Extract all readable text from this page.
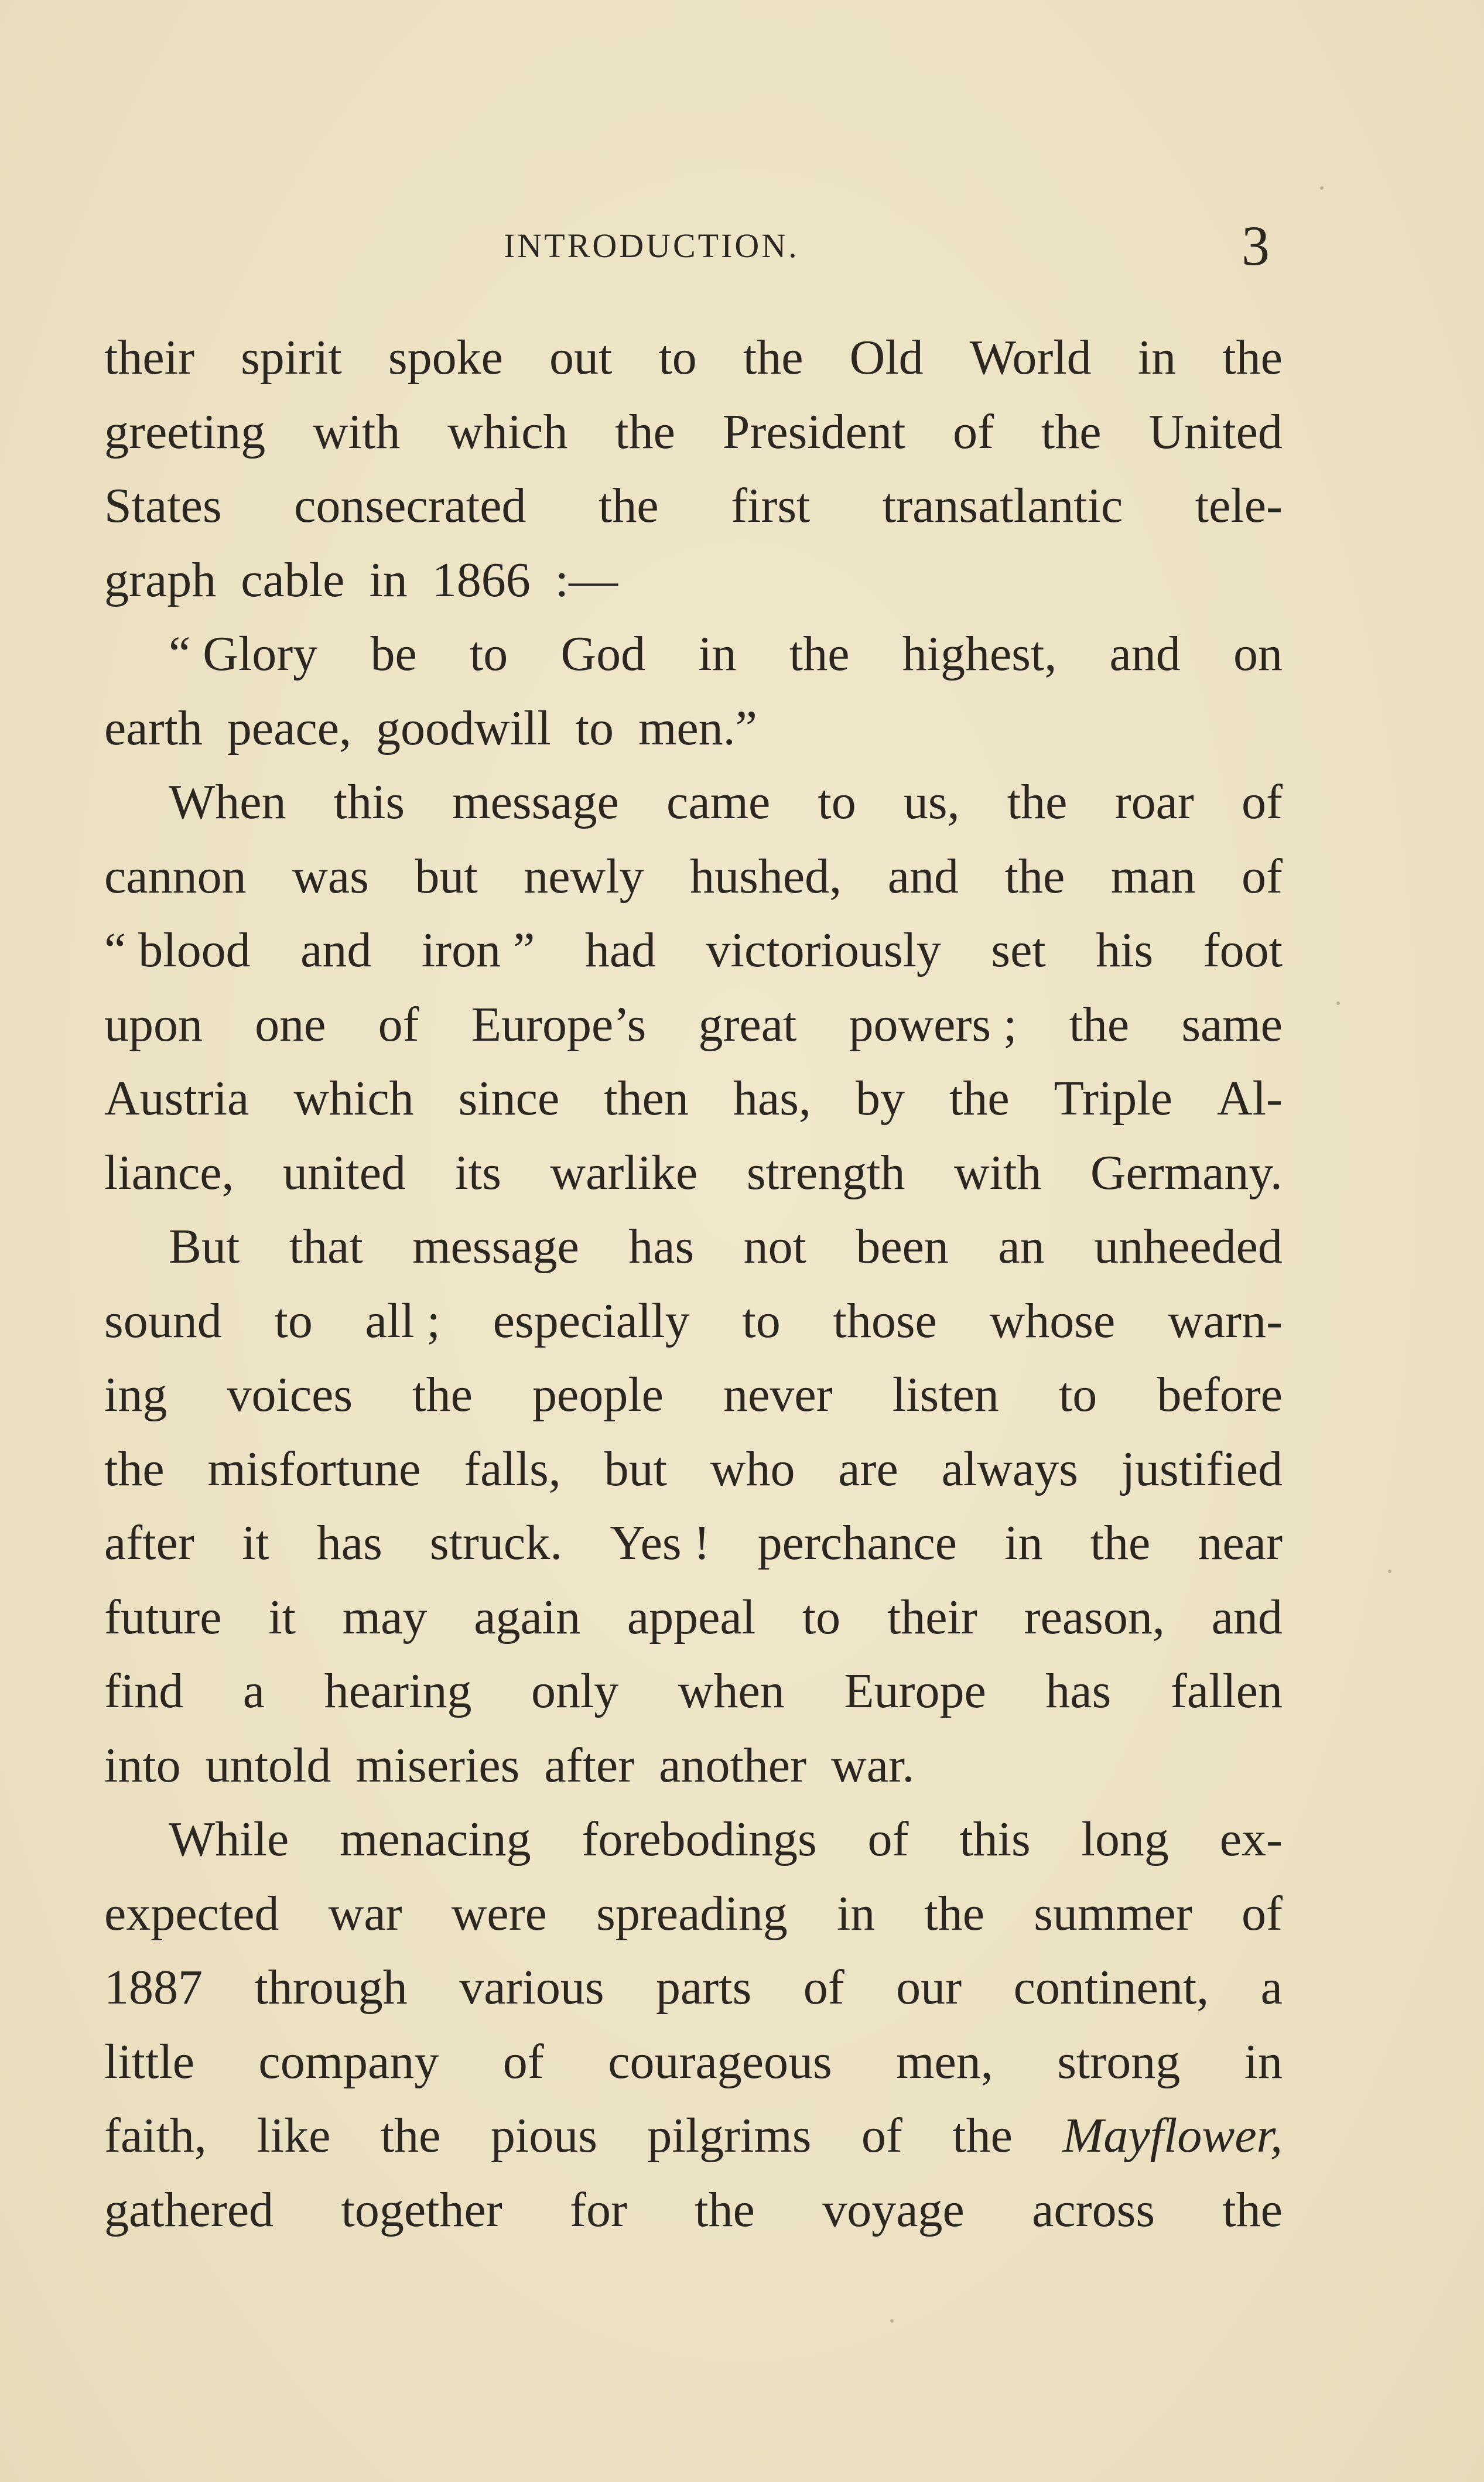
INTRODUCTION.	3
their spirit spoke out to the Old World in the
greeting with which the President of the United
States consecrated the first transatlantic tele-
graph cable in 1866 :—
“ Glory be to God in the highest, and on
earth peace, goodwill to men.”
When this message came to us, the roar of
cannon was but newly hushed, and the man of
“ blood and iron ” had victoriously set his foot
upon one of Europe’s great powers ; the same
Austria which since then has, by the Triple Al-
liance, united its warlike strength with Germany.
But that message has not been an unheeded
sound to all ; especially to those whose warn-
ing voices the people never listen to before
the misfortune falls, but who are always justified
after it has struck. Yes ! perchance in the near
future it may again appeal to their reason, and
find a hearing only when Europe has fallen
into untold miseries after another war.
While menacing forebodings of this long ex-
expected war were spreading in the summer of
1887 through various parts of our continent, a
little company of courageous men, strong in
faith, like the pious pilgrims of the Mayflower,
gathered together for the voyage across the
